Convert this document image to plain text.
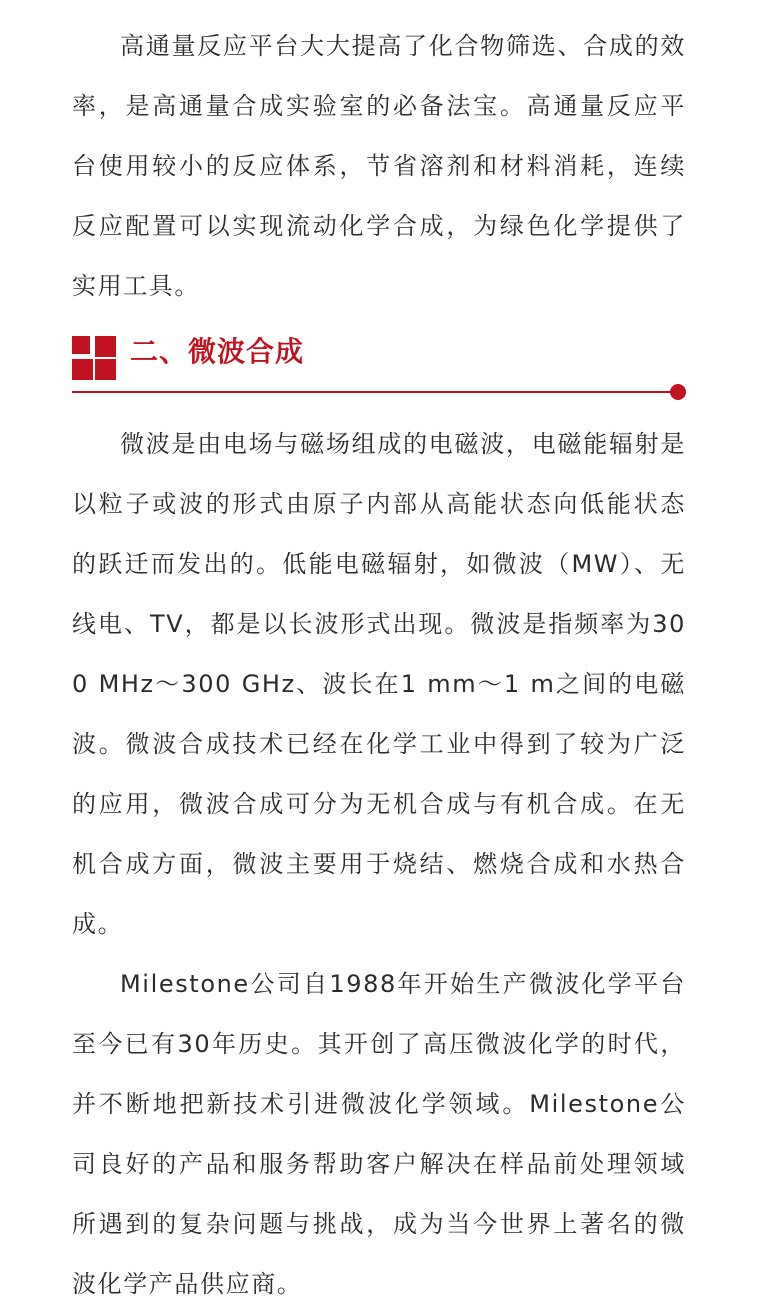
高通量反应平台大大提高了化合物筛选、合成的效率，是高通量合成实验室的必备法宝。高通量反应平台使用较小的反应体系，节省溶剂和材料消耗，连续反应配置可以实现流动化学合成，为绿色化学提供了实用工具。

二、微波合成

微波是由电场与磁场组成的电磁波，电磁能辐射是以粒子或波的形式由原子内部从高能状态向低能状态的跃迁而发出的。低能电磁辐射，如微波（MW）、无线电、TV，都是以长波形式出现。微波是指频率为300 MHz～300 GHz、波长在1 mm～1 m之间的电磁波。微波合成技术已经在化学工业中得到了较为广泛的应用，微波合成可分为无机合成与有机合成。在无机合成方面，微波主要用于烧结、燃烧合成和水热合成。

Milestone公司自1988年开始生产微波化学平台至今已有30年历史。其开创了高压微波化学的时代，并不断地把新技术引进微波化学领域。Milestone公司良好的产品和服务帮助客户解决在样品前处理领域所遇到的复杂问题与挑战，成为当今世界上著名的微波化学产品供应商。
